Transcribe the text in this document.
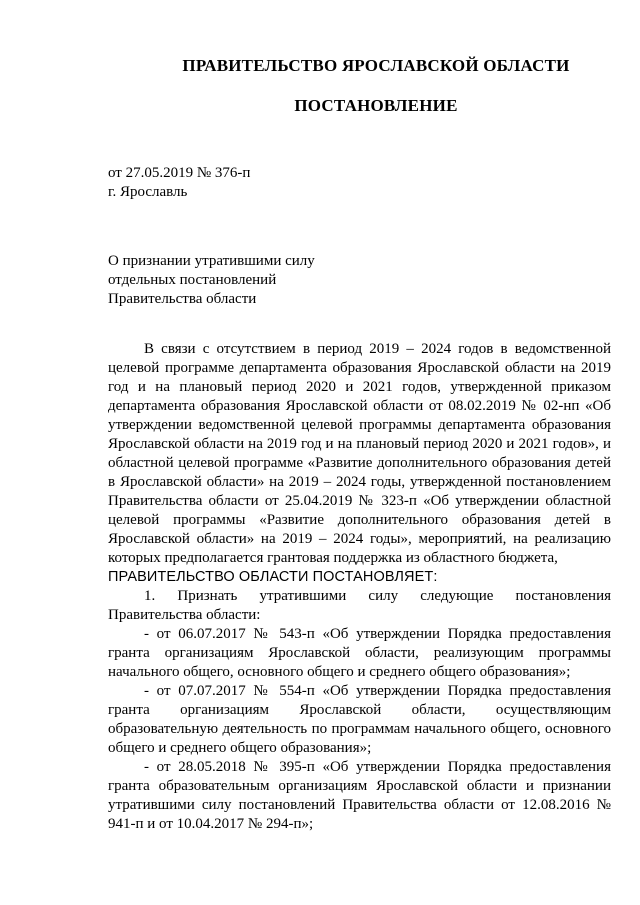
ПРАВИТЕЛЬСТВО ЯРОСЛАВСКОЙ ОБЛАСТИ
ПОСТАНОВЛЕНИЕ
от 27.05.2019 № 376-п
г. Ярославль
О признании утратившими силу
отдельных постановлений
Правительства области

В связи с отсутствием в период 2019 – 2024 годов в ведомственной целевой программе департамента образования Ярославской области на 2019 год и на плановый период 2020 и 2021 годов, утвержденной приказом департамента образования Ярославской области от 08.02.2019 № 02-нп «Об утверждении ведомственной целевой программы департамента образования Ярославской области на 2019 год и на плановый период 2020 и 2021 годов», и областной целевой программе «Развитие дополнительного образования детей в Ярославской области» на 2019 – 2024 годы, утвержденной постановлением Правительства области от 25.04.2019 № 323-п «Об утверждении областной целевой программы «Развитие дополнительного образования детей в Ярославской области» на 2019 – 2024 годы», мероприятий, на реализацию которых предполагается грантовая поддержка из областного бюджета,

ПРАВИТЕЛЬСТВО ОБЛАСТИ ПОСТАНОВЛЯЕТ:

1. Признать утратившими силу следующие постановления Правительства области:

- от 06.07.2017 № 543-п «Об утверждении Порядка предоставления гранта организациям Ярославской области, реализующим программы начального общего, основного общего и среднего общего образования»;

- от 07.07.2017 № 554-п «Об утверждении Порядка предоставления гранта организациям Ярославской области, осуществляющим образовательную деятельность по программам начального общего, основного общего и среднего общего образования»;

- от 28.05.2018 № 395-п «Об утверждении Порядка предоставления гранта образовательным организациям Ярославской области и признании утратившими силу постановлений Правительства области от 12.08.2016 № 941-п и от 10.04.2017 № 294-п»;
